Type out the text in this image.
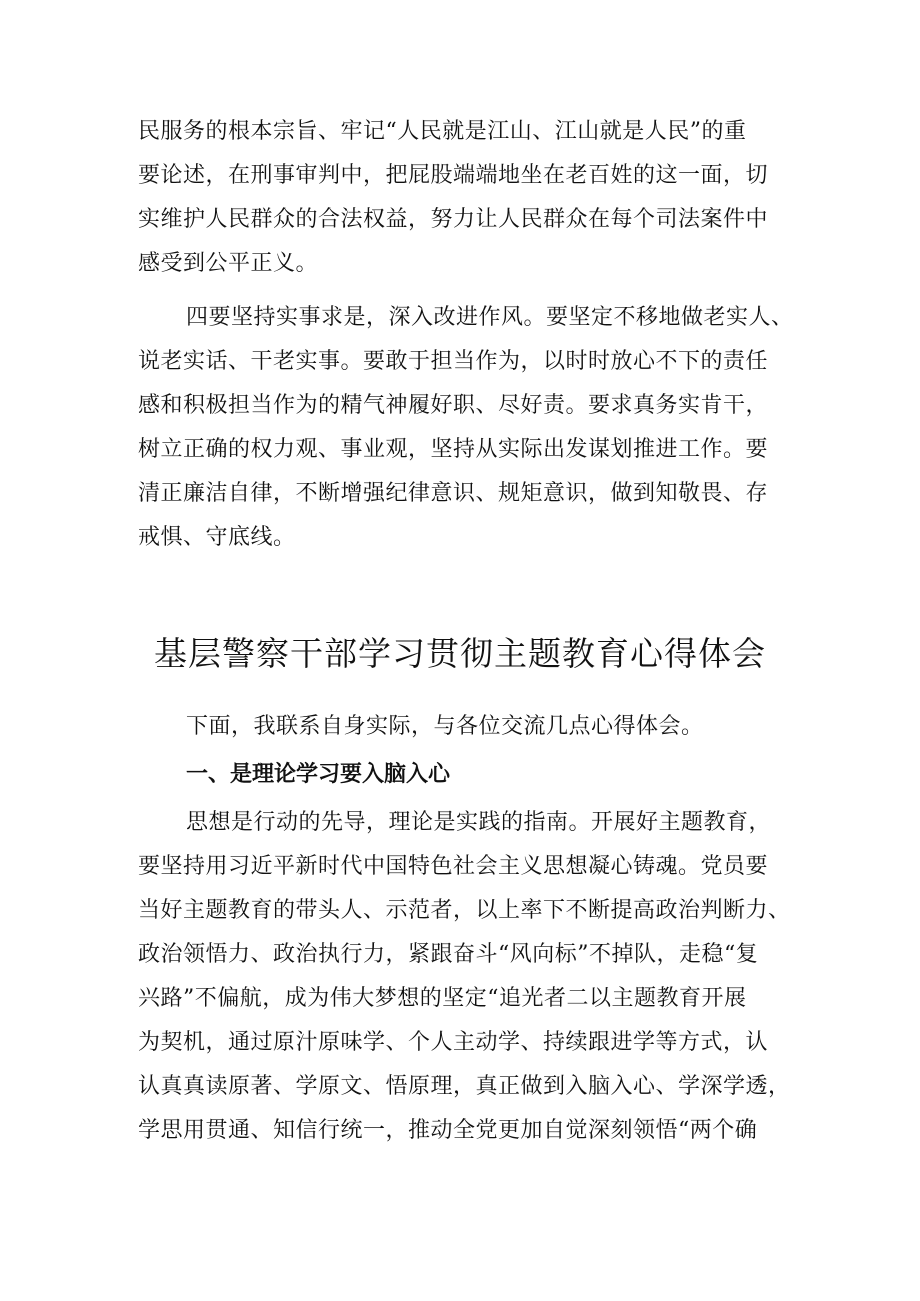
民服务的根本宗旨、牢记“人民就是江山、江山就是人民”的重
要论述，在刑事审判中，把屁股端端地坐在老百姓的这一面，切
实维护人民群众的合法权益，努力让人民群众在每个司法案件中
感受到公平正义。
四要坚持实事求是，深入改进作风。要坚定不移地做老实人、
说老实话、干老实事。要敢于担当作为，以时时放心不下的责任
感和积极担当作为的精气神履好职、尽好责。要求真务实肯干，
树立正确的权力观、事业观，坚持从实际出发谋划推进工作。要
清正廉洁自律，不断增强纪律意识、规矩意识，做到知敬畏、存
戒惧、守底线。
基层警察干部学习贯彻主题教育心得体会
下面，我联系自身实际，与各位交流几点心得体会。
一、是理论学习要入脑入心
思想是行动的先导，理论是实践的指南。开展好主题教育，
要坚持用习近平新时代中国特色社会主义思想凝心铸魂。党员要
当好主题教育的带头人、示范者，以上率下不断提高政治判断力、
政治领悟力、政治执行力，紧跟奋斗“风向标”不掉队，走稳“复
兴路”不偏航，成为伟大梦想的坚定“追光者二以主题教育开展
为契机，通过原汁原味学、个人主动学、持续跟进学等方式，认
认真真读原著、学原文、悟原理，真正做到入脑入心、学深学透，
学思用贯通、知信行统一，推动全党更加自觉深刻领悟“两个确
